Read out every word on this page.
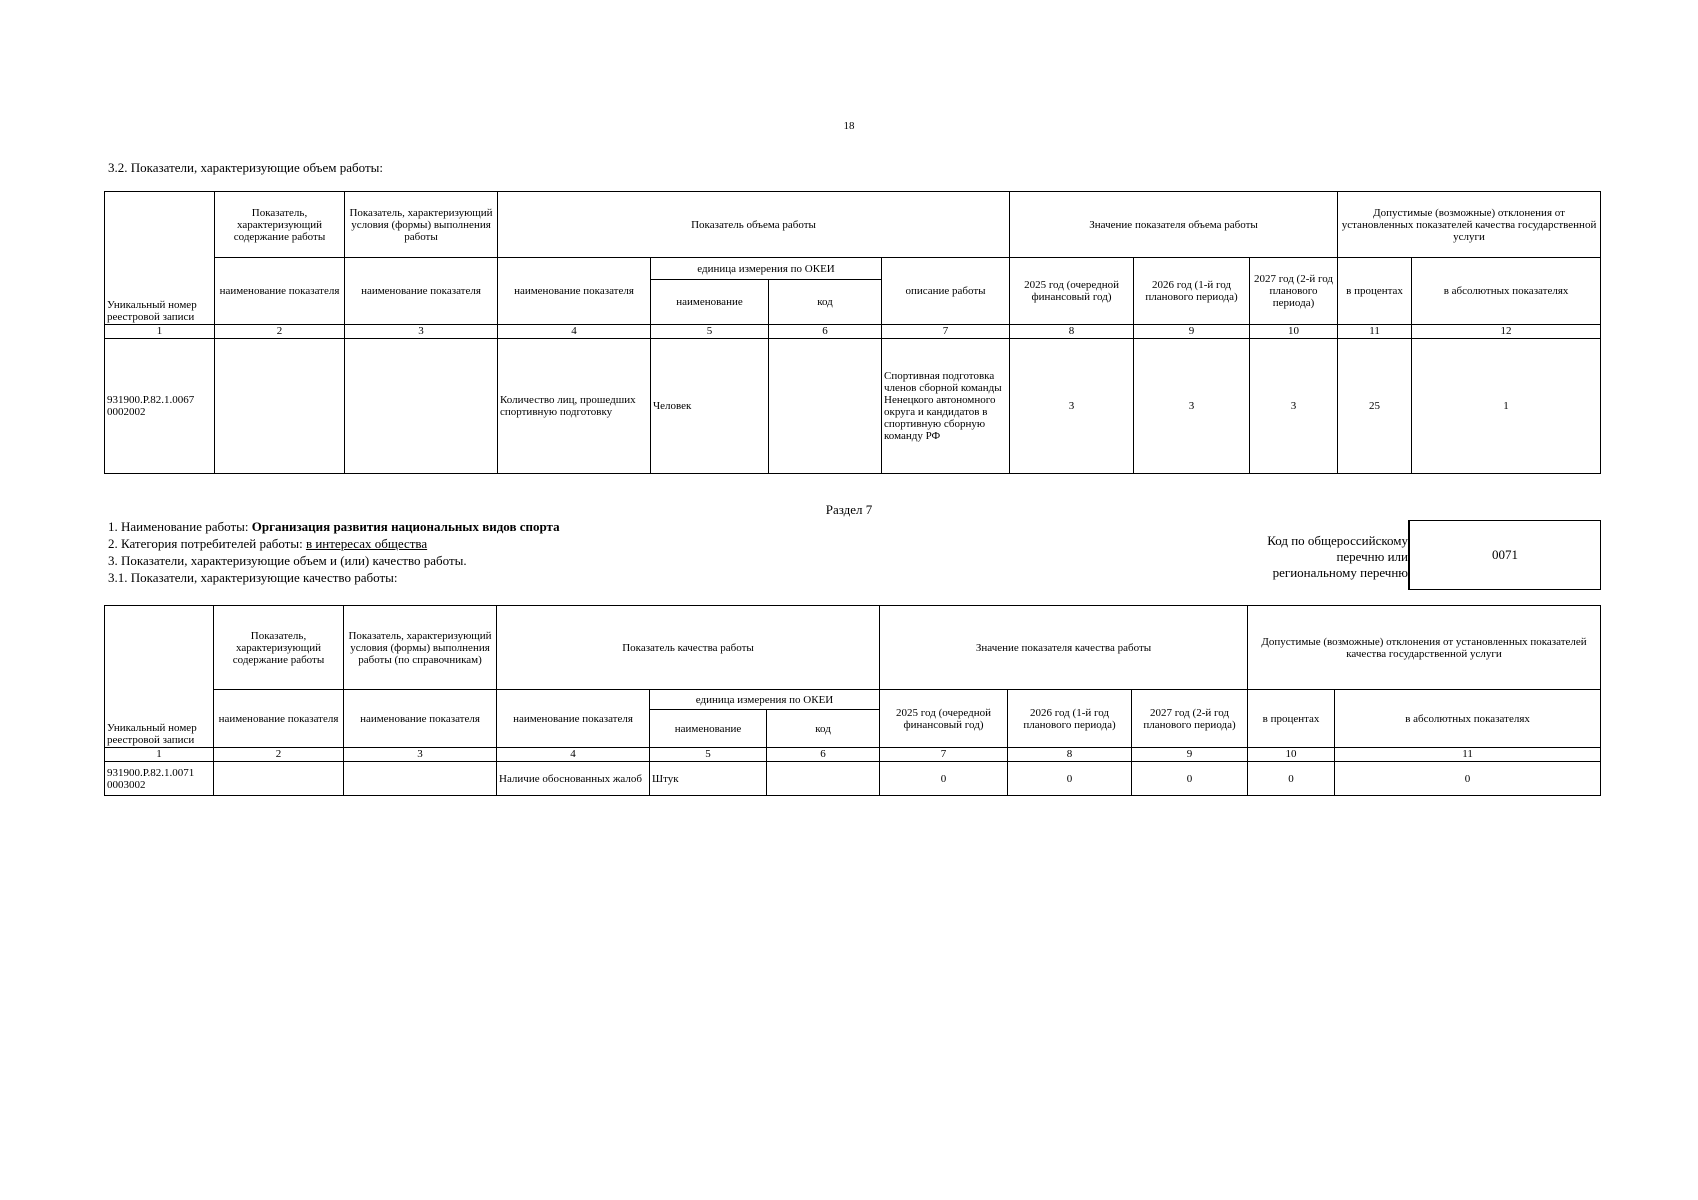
18
3.2. Показатели, характеризующие объем работы:
Уникальный номер реестровой записи	Показатель, характеризующий содержание работы	Показатель, характеризующий условия (формы) выполнения работы	Показатель объема работы				Значение показателя объема работы			Допустимые (возможные) отклонения от установленных показателей качества государственной услуги	
	наименование показателя	наименование показателя	наименование показателя	единица измерения по ОКЕИ		описание работы	2025 год (очередной финансовый год)	2026 год (1-й год планового периода)	2027 год (2-й год планового периода)	в процентах	в абсолютных показателях
				наименование	код						
1	2	3	4	5	6	7	8	9	10	11	12
931900.Р.82.1.0067 0002002			Количество лиц, прошедших спортивную подготовку	Человек		Спортивная подготовка членов сборной команды Ненецкого автономного округа и кандидатов в спортивную сборную команду РФ	3	3	3	25	1
Раздел 7
1. Наименование работы: Организация развития национальных видов спорта
2. Категория потребителей работы: в интересах общества
3. Показатели, характеризующие объем и (или) качество работы.
3.1. Показатели, характеризующие качество работы:
Код по общероссийскому
перечню или
региональному перечню
0071
Уникальный номер реестровой записи	Показатель, характеризующий содержание работы	Показатель, характеризующий условия (формы) выполнения работы (по справочникам)	Показатель качества работы			Значение показателя качества работы			Допустимые (возможные) отклонения от установленных показателей качества государственной услуги	
	наименование показателя	наименование показателя	наименование показателя	единица измерения по ОКЕИ		2025 год (очередной финансовый год)	2026 год (1-й год планового периода)	2027 год (2-й год планового периода)	в процентах	в абсолютных показателях
				наименование	код					
1	2	3	4	5	6	7	8	9	10	11
931900.Р.82.1.0071 0003002			Наличие обоснованных жалоб	Штук		0	0	0	0	0
